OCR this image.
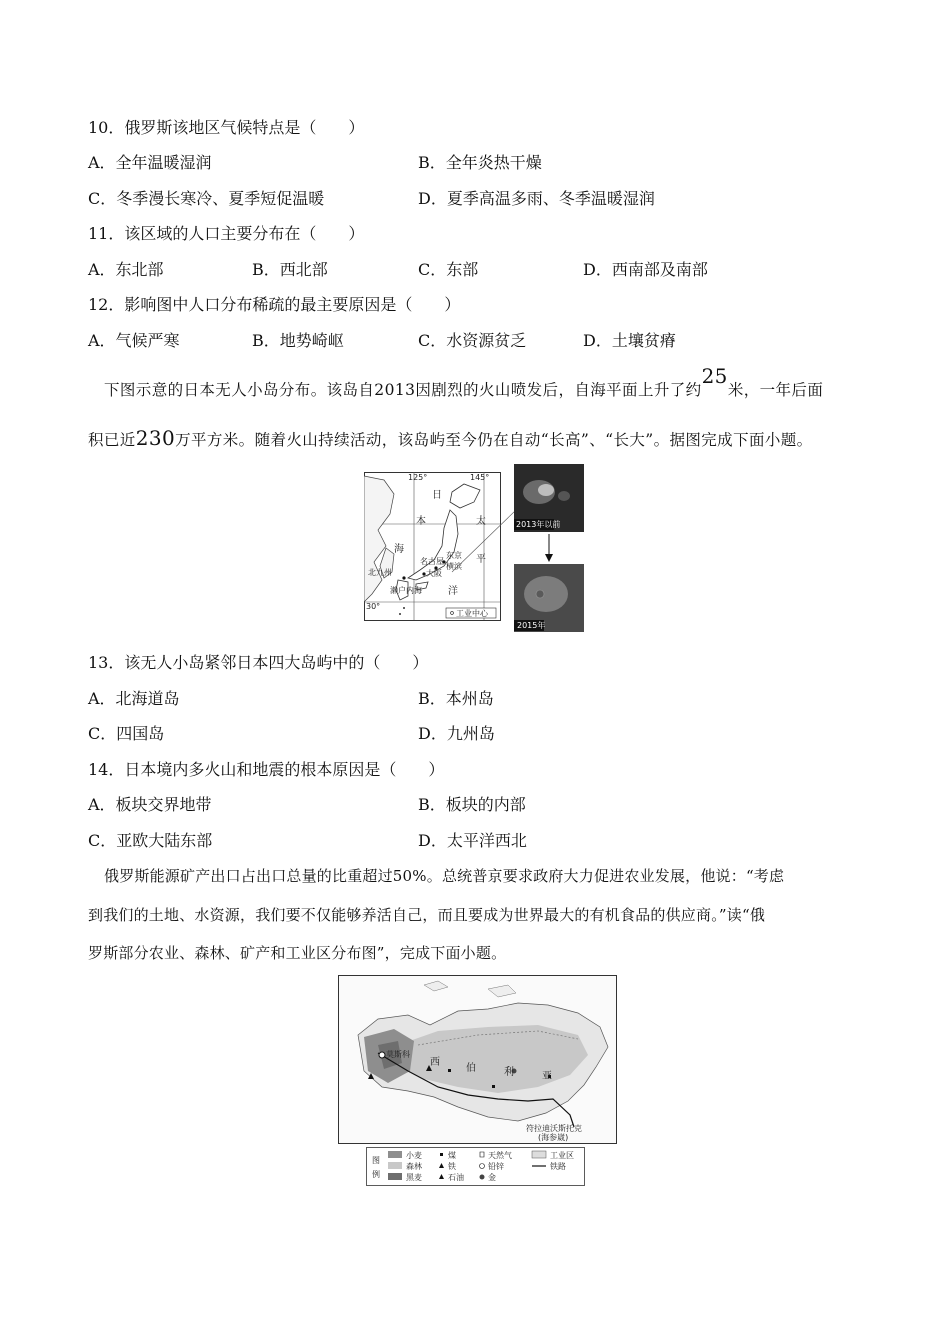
10．俄罗斯该地区气候特点是（　　）
A．全年温暖湿润	B．全年炎热干燥
C．冬季漫长寒冷、夏季短促温暖	D．夏季高温多雨、冬季温暖湿润
11．该区域的人口主要分布在（　　）
A．东北部	B．西北部	C．东部	D．西南部及南部
12．影响图中人口分布稀疏的最主要原因是（　　）
A．气候严寒	B．地势崎岖	C．水资源贫乏	D．土壤贫瘠
下图示意的日本无人小岛分布。该岛自2013因剧烈的火山喷发后，自海平面上升了约25米，一年后面
积已近230万平方米。随着火山持续活动，该岛屿至今仍在自动“长高”、“长大”。据图完成下面小题。
125°	145°
30°
日
本
海
太
平
洋
东京
名古屋
横滨
大阪
北九州
濑户内海
工业中心
2013年以前
2015年
13．该无人小岛紧邻日本四大岛屿中的（　　）
A．北海道岛	B．本州岛
C．四国岛	D．九州岛
14．日本境内多火山和地震的根本原因是（　　）
A．板块交界地带	B．板块的内部
C．亚欧大陆东部	D．太平洋西北
俄罗斯能源矿产出口占出口总量的比重超过50%。总统普京要求政府大力促进农业发展，他说：“考虑
到我们的土地、水资源，我们要不仅能够养活自己，而且要成为世界最大的有机食品的供应商。”读“俄
罗斯部分农业、森林、矿产和工业区分布图”，完成下面小题。
莫斯科
西
伯	利	亚
符拉迪沃斯托克
(海参崴)
图
例
小麦
森林
黑麦
煤
铁
石油
天然气
铅锌
金
工业区
铁路
